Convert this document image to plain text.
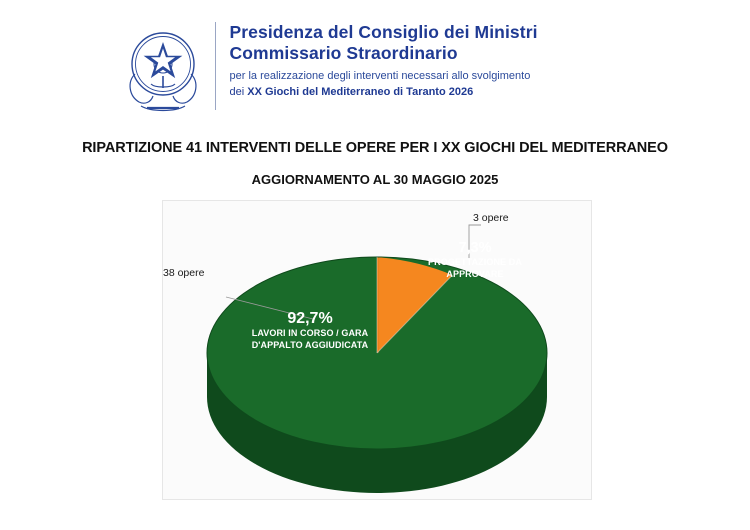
Presidenza del Consiglio dei Ministri
Commissario Straordinario
per la realizzazione degli interventi necessari allo svolgimento
dei XX Giochi del Mediterraneo di Taranto 2026
RIPARTIZIONE 41 INTERVENTI DELLE OPERE PER I XX GIOCHI DEL MEDITERRANEO
AGGIORNAMENTO AL 30 MAGGIO 2025
38 opere
3 opere
92,7%
LAVORI IN CORSO / GARA
D'APPALTO AGGIUDICATA
7,3%
PROGETTAZIONE DA
APPROVARE
